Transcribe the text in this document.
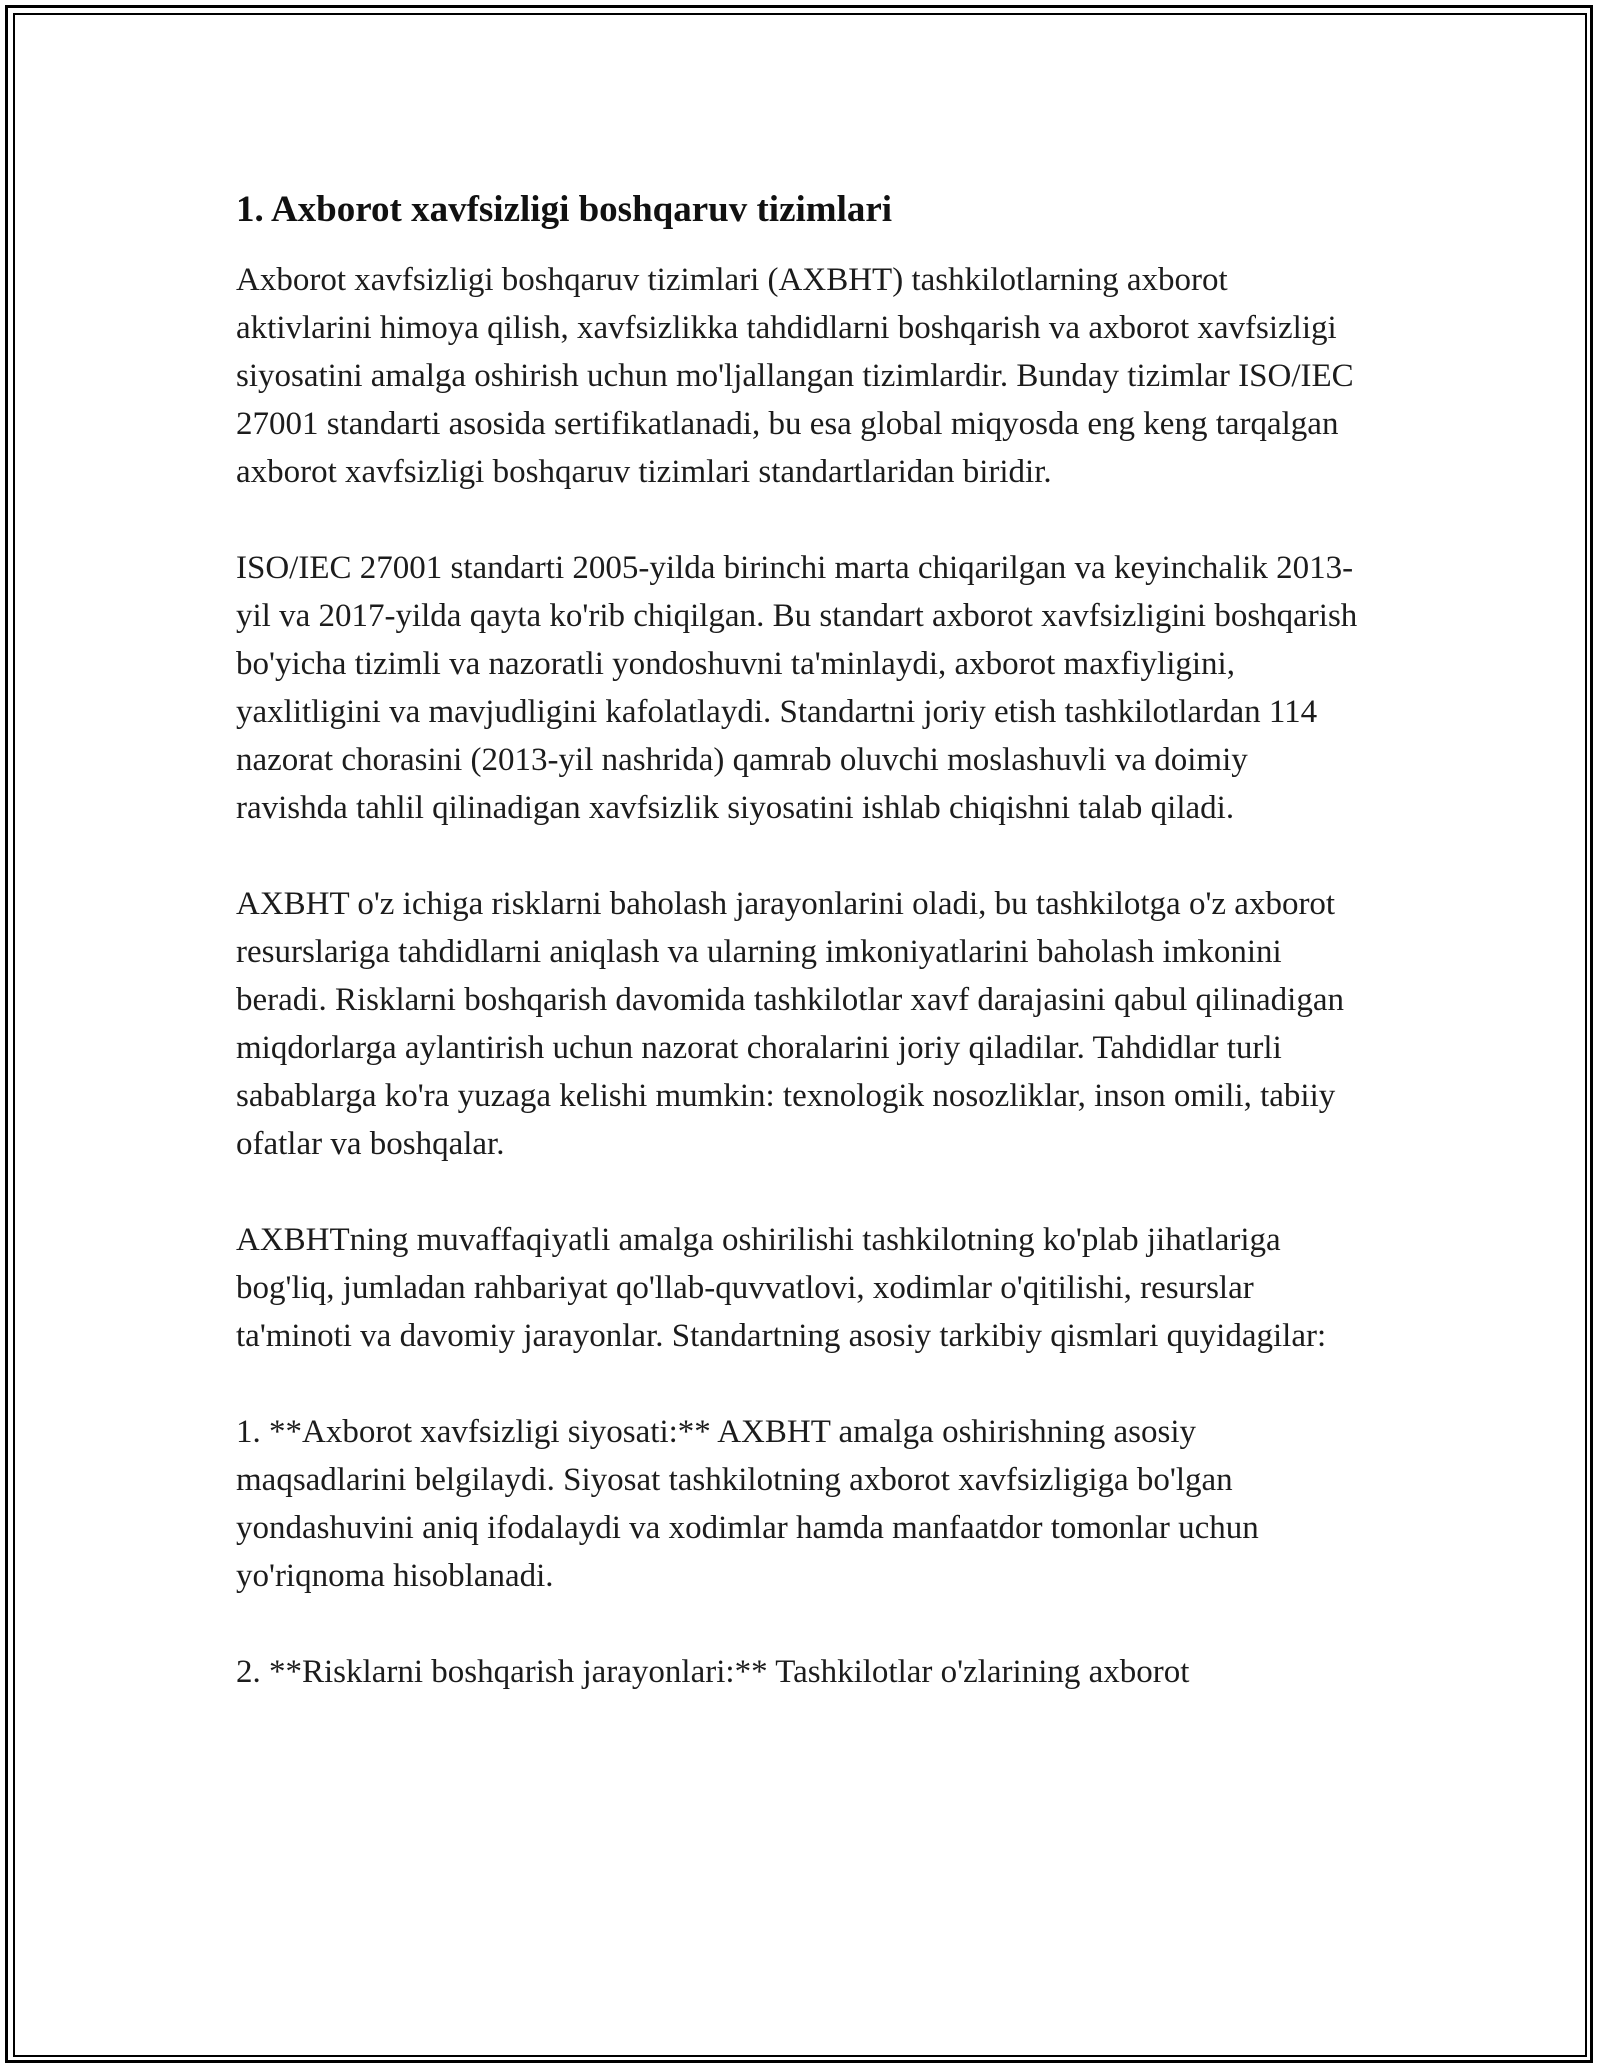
1. Axborot xavfsizligi boshqaruv tizimlari

Axborot xavfsizligi boshqaruv tizimlari (AXBHT) tashkilotlarning axborot aktivlarini himoya qilish, xavfsizlikka tahdidlarni boshqarish va axborot xavfsizligi siyosatini amalga oshirish uchun mo'ljallangan tizimlardir. Bunday tizimlar ISO/IEC 27001 standarti asosida sertifikatlanadi, bu esa global miqyosda eng keng tarqalgan axborot xavfsizligi boshqaruv tizimlari standartlaridan biridir.

ISO/IEC 27001 standarti 2005-yilda birinchi marta chiqarilgan va keyinchalik 2013-yil va 2017-yilda qayta ko'rib chiqilgan. Bu standart axborot xavfsizligini boshqarish bo'yicha tizimli va nazoratli yondoshuvni ta'minlaydi, axborot maxfiyligini, yaxlitligini va mavjudligini kafolatlaydi. Standartni joriy etish tashkilotlardan 114 nazorat chorasini (2013-yil nashrida) qamrab oluvchi moslashuvli va doimiy ravishda tahlil qilinadigan xavfsizlik siyosatini ishlab chiqishni talab qiladi.

AXBHT o'z ichiga risklarni baholash jarayonlarini oladi, bu tashkilotga o'z axborot resurslariga tahdidlarni aniqlash va ularning imkoniyatlarini baholash imkonini beradi. Risklarni boshqarish davomida tashkilotlar xavf darajasini qabul qilinadigan miqdorlarga aylantirish uchun nazorat choralarini joriy qiladilar. Tahdidlar turli sabablarga ko'ra yuzaga kelishi mumkin: texnologik nosozliklar, inson omili, tabiiy ofatlar va boshqalar.

AXBHTning muvaffaqiyatli amalga oshirilishi tashkilotning ko'plab jihatlariga bog'liq, jumladan rahbariyat qo'llab-quvvatlovi, xodimlar o'qitilishi, resurslar ta'minoti va davomiy jarayonlar. Standartning asosiy tarkibiy qismlari quyidagilar:

1. **Axborot xavfsizligi siyosati:** AXBHT amalga oshirishning asosiy maqsadlarini belgilaydi. Siyosat tashkilotning axborot xavfsizligiga bo'lgan yondashuvini aniq ifodalaydi va xodimlar hamda manfaatdor tomonlar uchun yo'riqnoma hisoblanadi.

2. **Risklarni boshqarish jarayonlari:** Tashkilotlar o'zlarining axborot
